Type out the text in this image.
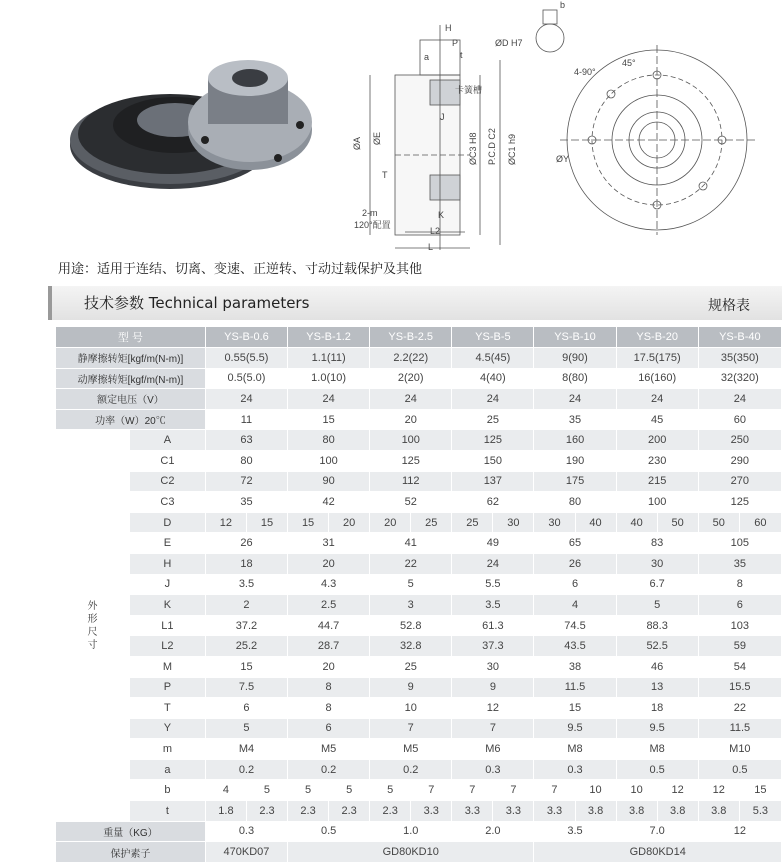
H
b
ØD H7
a
P
t
卡簧槽
J
ØA ØE	ØC3 H8 P.C.D C2 ØC1 h9
T
2-m
120°配置
K
L2
L
4-90°
45°
ØY
用途：适用于连结、切离、变速、正逆转、寸动过载保护及其他
技术参数 Technical parameters	规格表
型 号		YS-B-0.6		YS-B-1.2		YS-B-2.5		YS-B-5		YS-B-10		YS-B-20		YS-B-40	
静摩擦转矩[kgf/m(N-m)]		0.55(5.5)		1.1(11)		2.2(22)		4.5(45)		9(90)		17.5(175)		35(350)	
动摩擦转矩[kgf/m(N-m)]		0.5(5.0)		1.0(10)		2(20)		4(40)		8(80)		16(160)		32(320)	
额定电压（V）		24		24		24		24		24		24		24	
功率（W）20℃		11		15		20		25		35		45		60	
外
形
尺
寸	A	63		80		100		125		160		200		250	
	C1	80		100		125		150		190		230		290	
	C2	72		90		112		137		175		215		270	
	C3	35		42		52		62		80		100		125	
	D	12	15	15	20	20	25	25	30	30	40	40	50	50	60
	E	26		31		41		49		65		83		105	
	H	18		20		22		24		26		30		35	
	J	3.5		4.3		5		5.5		6		6.7		8	
	K	2		2.5		3		3.5		4		5		6	
	L1	37.2		44.7		52.8		61.3		74.5		88.3		103	
	L2	25.2		28.7		32.8		37.3		43.5		52.5		59	
	M	15		20		25		30		38		46		54	
	P	7.5		8		9		9		11.5		13		15.5	
	T	6		8		10		12		15		18		22	
	Y	5		6		7		7		9.5		9.5		11.5	
	m	M4		M5		M5		M6		M8		M8		M10	
	a	0.2		0.2		0.2		0.3		0.3		0.5		0.5	
	b	4	5	5	5	5	7	7	7	7	10	10	12	12	15
	t	1.8	2.3	2.3	2.3	2.3	3.3	3.3	3.3	3.3	3.8	3.8	3.8	3.8	5.3
重量（KG）		0.3		0.5		1.0		2.0		3.5		7.0		12	
保护素子		470KD07		GD80KD10						GD80KD14					
